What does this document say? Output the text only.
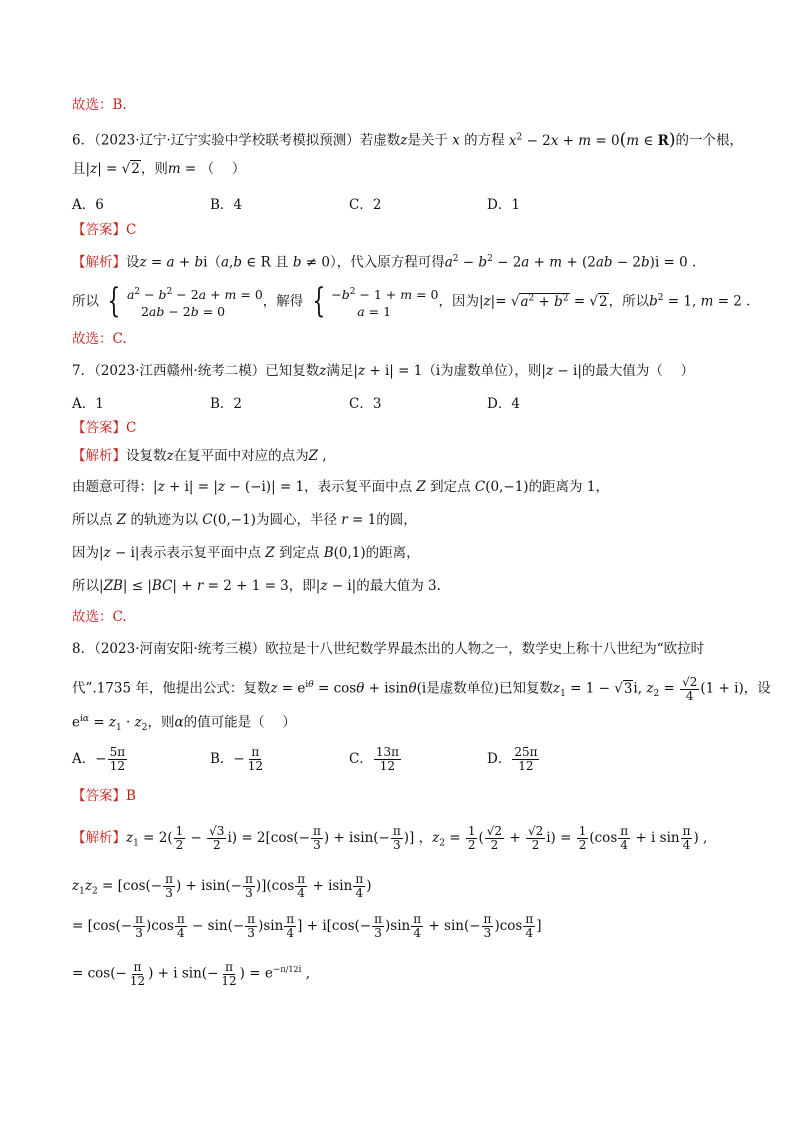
故选：B.
6．（2023·辽宁·辽宁实验中学校联考模拟预测）若虚数z是关于 x 的方程 $x^2 - 2x + m = 0(m$ ∈ R)的一个根，
且|z| = √2，则m = （　 ）
A．6	B．4	C．2	D．1
【答案】C
【解析】设z = a + bi（a,b ∈ R 且 b ≠ 0），代入原方程可得$a^2 - b^2 - 2a + m + (2ab - 2b)i = 0$ .
所以 { $a^2 - b^2 - 2a + m = 0$
2ab − 2b = 0
，解得 { $-b^2 - 1 + m = 0$
a = 1
，因为$|z|= √a^2 + b^2 = √2$，所以$b^2 = 1$, m = 2 .
故选：C.
7．（2023·江西赣州·统考二模）已知复数z满足|z + i| = 1（i为虚数单位），则|z − i|的最大值为（　 ）
A．1	B．2	C．3	D．4
【答案】C
【解析】设复数z在复平面中对应的点为Z ,
由题意可得：|z + i| = |z − (−i)| = 1，表示复平面中点 Z 到定点 C(0,−1)的距离为 1，
所以点 Z 的轨迹为以 C(0,−1)为圆心，半径 r = 1的圆，
因为|z − i|表示表示复平面中点 Z 到定点 B(0,1)的距离，
所以|ZB| ≤ |BC| + r = 2 + 1 = 3，即|z − i|的最大值为 3.
故选：C.
8．（2023·河南安阳·统考三模）欧拉是十八世纪数学界最杰出的人物之一，数学史上称十八世纪为“欧拉时
代”.1735 年，他提出公式：复数$z = e^{i\theta} = \cos\theta + isin\theta(i$是虚数单位)已知复数$z_1 = 1 - √3i$, $z_2 = \frac{√2}{4} (1 + i)$，设
$e^{i\alpha} = z_1 \cdot z_2$，则α的值可能是（　 ）
A．− $\frac{5\pi}{12}$	B．− $\frac{\pi}{12}$	C． $\frac{13\pi}{12}$	D． $\frac{25\pi}{12}$
【答案】B
【解析】$z_1 = 2( \frac{1}{2} - \frac{√3}{2} i) = 2[\cos(- \frac{\pi}{3}$ ) + $isin(- \frac{\pi}{3}$ )] ，$z_2 = \frac{1}{2}$ ( $\frac{√2}{2} + \frac{√2}{2} i) = \frac{1}{2} (\cos \frac{\pi}{4} + i$ $\sin \frac{\pi}{4}$ ) ,
$z_1z_2 = [\cos(- \frac{\pi}{3}$ ) + $isin(- \frac{\pi}{3} )](\cos \frac{\pi}{4} + isin \frac{\pi}{4}$ )
= [$\cos(- \frac{\pi}{3} )\cos \frac{\pi}{4} - \sin(- \frac{\pi}{3} )\sin \frac{\pi}{4}$ ] + $i[\cos(- \frac{\pi}{3} )\sin \frac{\pi}{4} + \sin(- \frac{\pi}{3} )\cos \frac{\pi}{4}$ ]
= $\cos(- \frac{\pi}{12}$ ) + i $\sin(- \frac{\pi}{12}$ ) = $e^{-\pi/12i}$ ,
